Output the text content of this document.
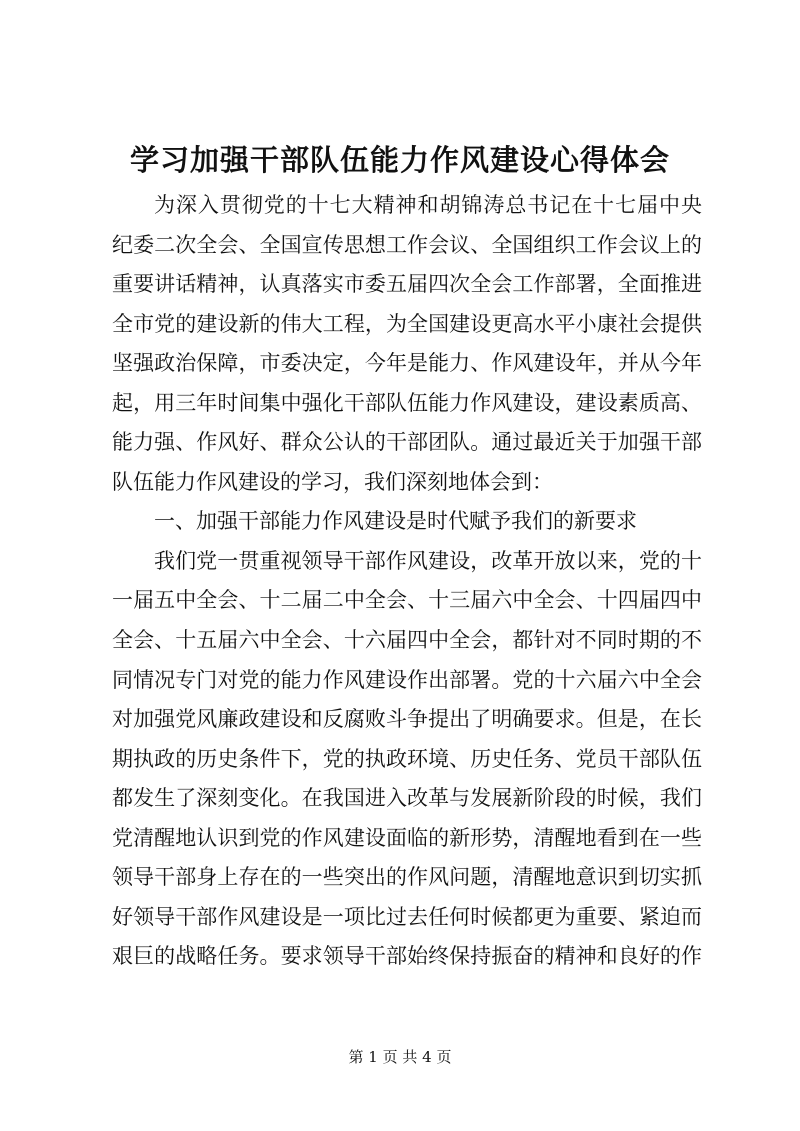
学习加强干部队伍能力作风建设心得体会
为深入贯彻党的十七大精神和胡锦涛总书记在十七届中央
纪委二次全会、全国宣传思想工作会议、全国组织工作会议上的
重要讲话精神，认真落实市委五届四次全会工作部署，全面推进
全市党的建设新的伟大工程，为全国建设更高水平小康社会提供
坚强政治保障，市委决定，今年是能力、作风建设年，并从今年
起，用三年时间集中强化干部队伍能力作风建设，建设素质高、
能力强、作风好、群众公认的干部团队。通过最近关于加强干部
队伍能力作风建设的学习，我们深刻地体会到：
一、加强干部能力作风建设是时代赋予我们的新要求
我们党一贯重视领导干部作风建设，改革开放以来，党的十
一届五中全会、十二届二中全会、十三届六中全会、十四届四中
全会、十五届六中全会、十六届四中全会，都针对不同时期的不
同情况专门对党的能力作风建设作出部署。党的十六届六中全会
对加强党风廉政建设和反腐败斗争提出了明确要求。但是，在长
期执政的历史条件下，党的执政环境、历史任务、党员干部队伍
都发生了深刻变化。在我国进入改革与发展新阶段的时候，我们
党清醒地认识到党的作风建设面临的新形势，清醒地看到在一些
领导干部身上存在的一些突出的作风问题，清醒地意识到切实抓
好领导干部作风建设是一项比过去任何时候都更为重要、紧迫而
艰巨的战略任务。要求领导干部始终保持振奋的精神和良好的作
第 1 页 共 4 页
